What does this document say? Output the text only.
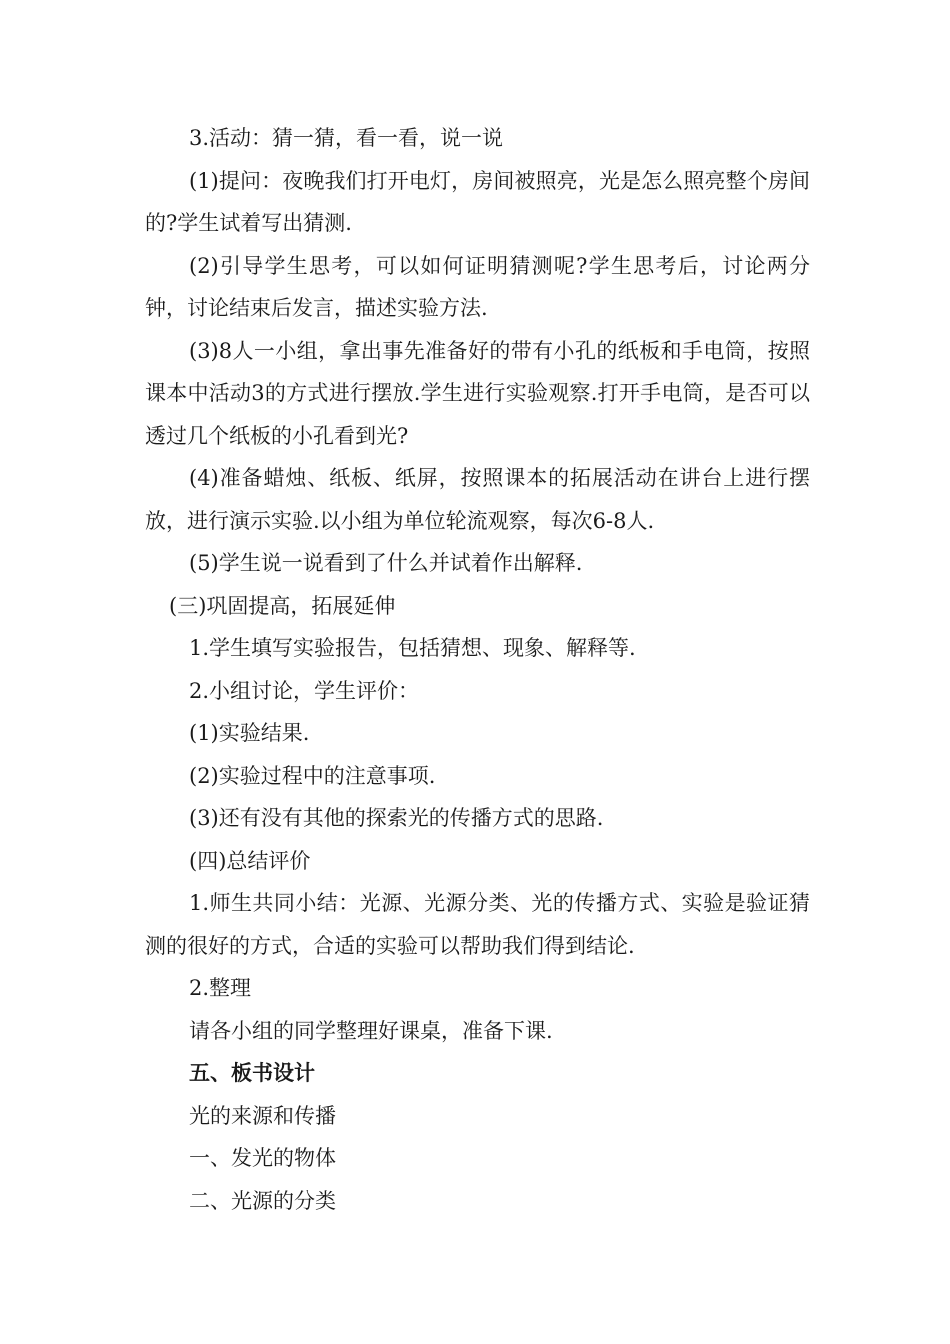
3.活动：猜一猜，看一看，说一说

(1)提问：夜晚我们打开电灯，房间被照亮，光是怎么照亮整个房间的?学生试着写出猜测.

(2)引导学生思考，可以如何证明猜测呢?学生思考后，讨论两分钟，讨论结束后发言，描述实验方法.

(3)8人一小组，拿出事先准备好的带有小孔的纸板和手电筒，按照课本中活动3的方式进行摆放.学生进行实验观察.打开手电筒，是否可以透过几个纸板的小孔看到光?

(4)准备蜡烛、纸板、纸屏，按照课本的拓展活动在讲台上进行摆放，进行演示实验.以小组为单位轮流观察，每次6-8人.

(5)学生说一说看到了什么并试着作出解释.

(三)巩固提高，拓展延伸

1.学生填写实验报告，包括猜想、现象、解释等.

2.小组讨论，学生评价：

(1)实验结果.

(2)实验过程中的注意事项.

(3)还有没有其他的探索光的传播方式的思路.

(四)总结评价

1.师生共同小结：光源、光源分类、光的传播方式、实验是验证猜测的很好的方式，合适的实验可以帮助我们得到结论.

2.整理

请各小组的同学整理好课桌，准备下课.

五、板书设计

光的来源和传播

一、发光的物体

二、光源的分类
